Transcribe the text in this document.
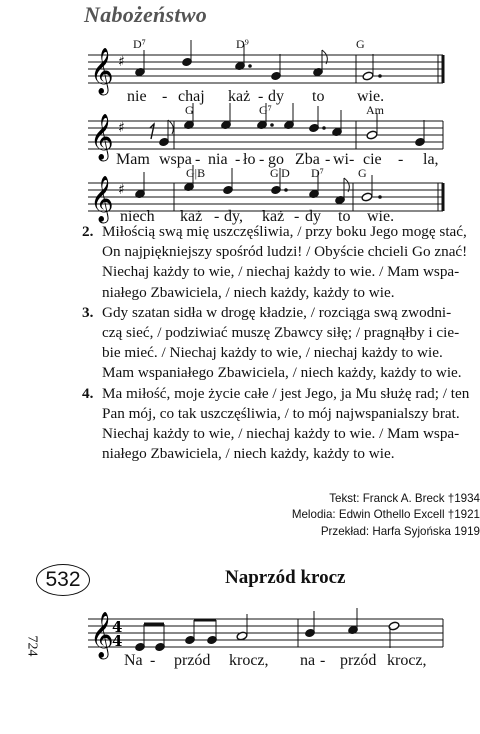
Nabożeństwo
D⁷	D⁹	G
𝄞 ♯
nie - chaj każ - dy to wie.
G	G⁷	Am
𝄞 ♯
Mam wspa - nia - ło - go Zba - wi - cie - la,
G|B	G|D D⁷	G
𝄞 ♯
niech każ - dy, każ - dy to wie.
2. Miłością swą mię uszczęśliwia, / przy boku Jego mogę stać,
On najpiękniejszy spośród ludzi! / Obyście chcieli Go znać!
Niechaj każdy to wie, / niechaj każdy to wie. / Mam wspa-
niałego Zbawiciela, / niech każdy, każdy to wie.
3. Gdy szatan sidła w drogę kładzie, / rozciąga swą zwodni-
czą sieć, / podziwiać muszę Zbawcy siłę; / pragnąłby i cie-
bie mieć. / Niechaj każdy to wie, / niechaj każdy to wie.
Mam wspaniałego Zbawiciela, / niech każdy, każdy to wie.
4. Ma miłość, moje życie całe / jest Jego, ja Mu służę rad; / ten
Pan mój, co tak uszczęśliwia, / to mój najwspanialszy brat.
Niechaj każdy to wie, / niechaj każdy to wie. / Mam wspa-
niałego Zbawiciela, / niech każdy, każdy to wie.
Tekst: Franck A. Breck †1934
Melodia: Edwin Othello Excell †1921
Przekład: Harfa Syjońska 1919
532	Naprzód krocz
𝄞
4
4
Na - przód krocz, na - przód krocz,
724
